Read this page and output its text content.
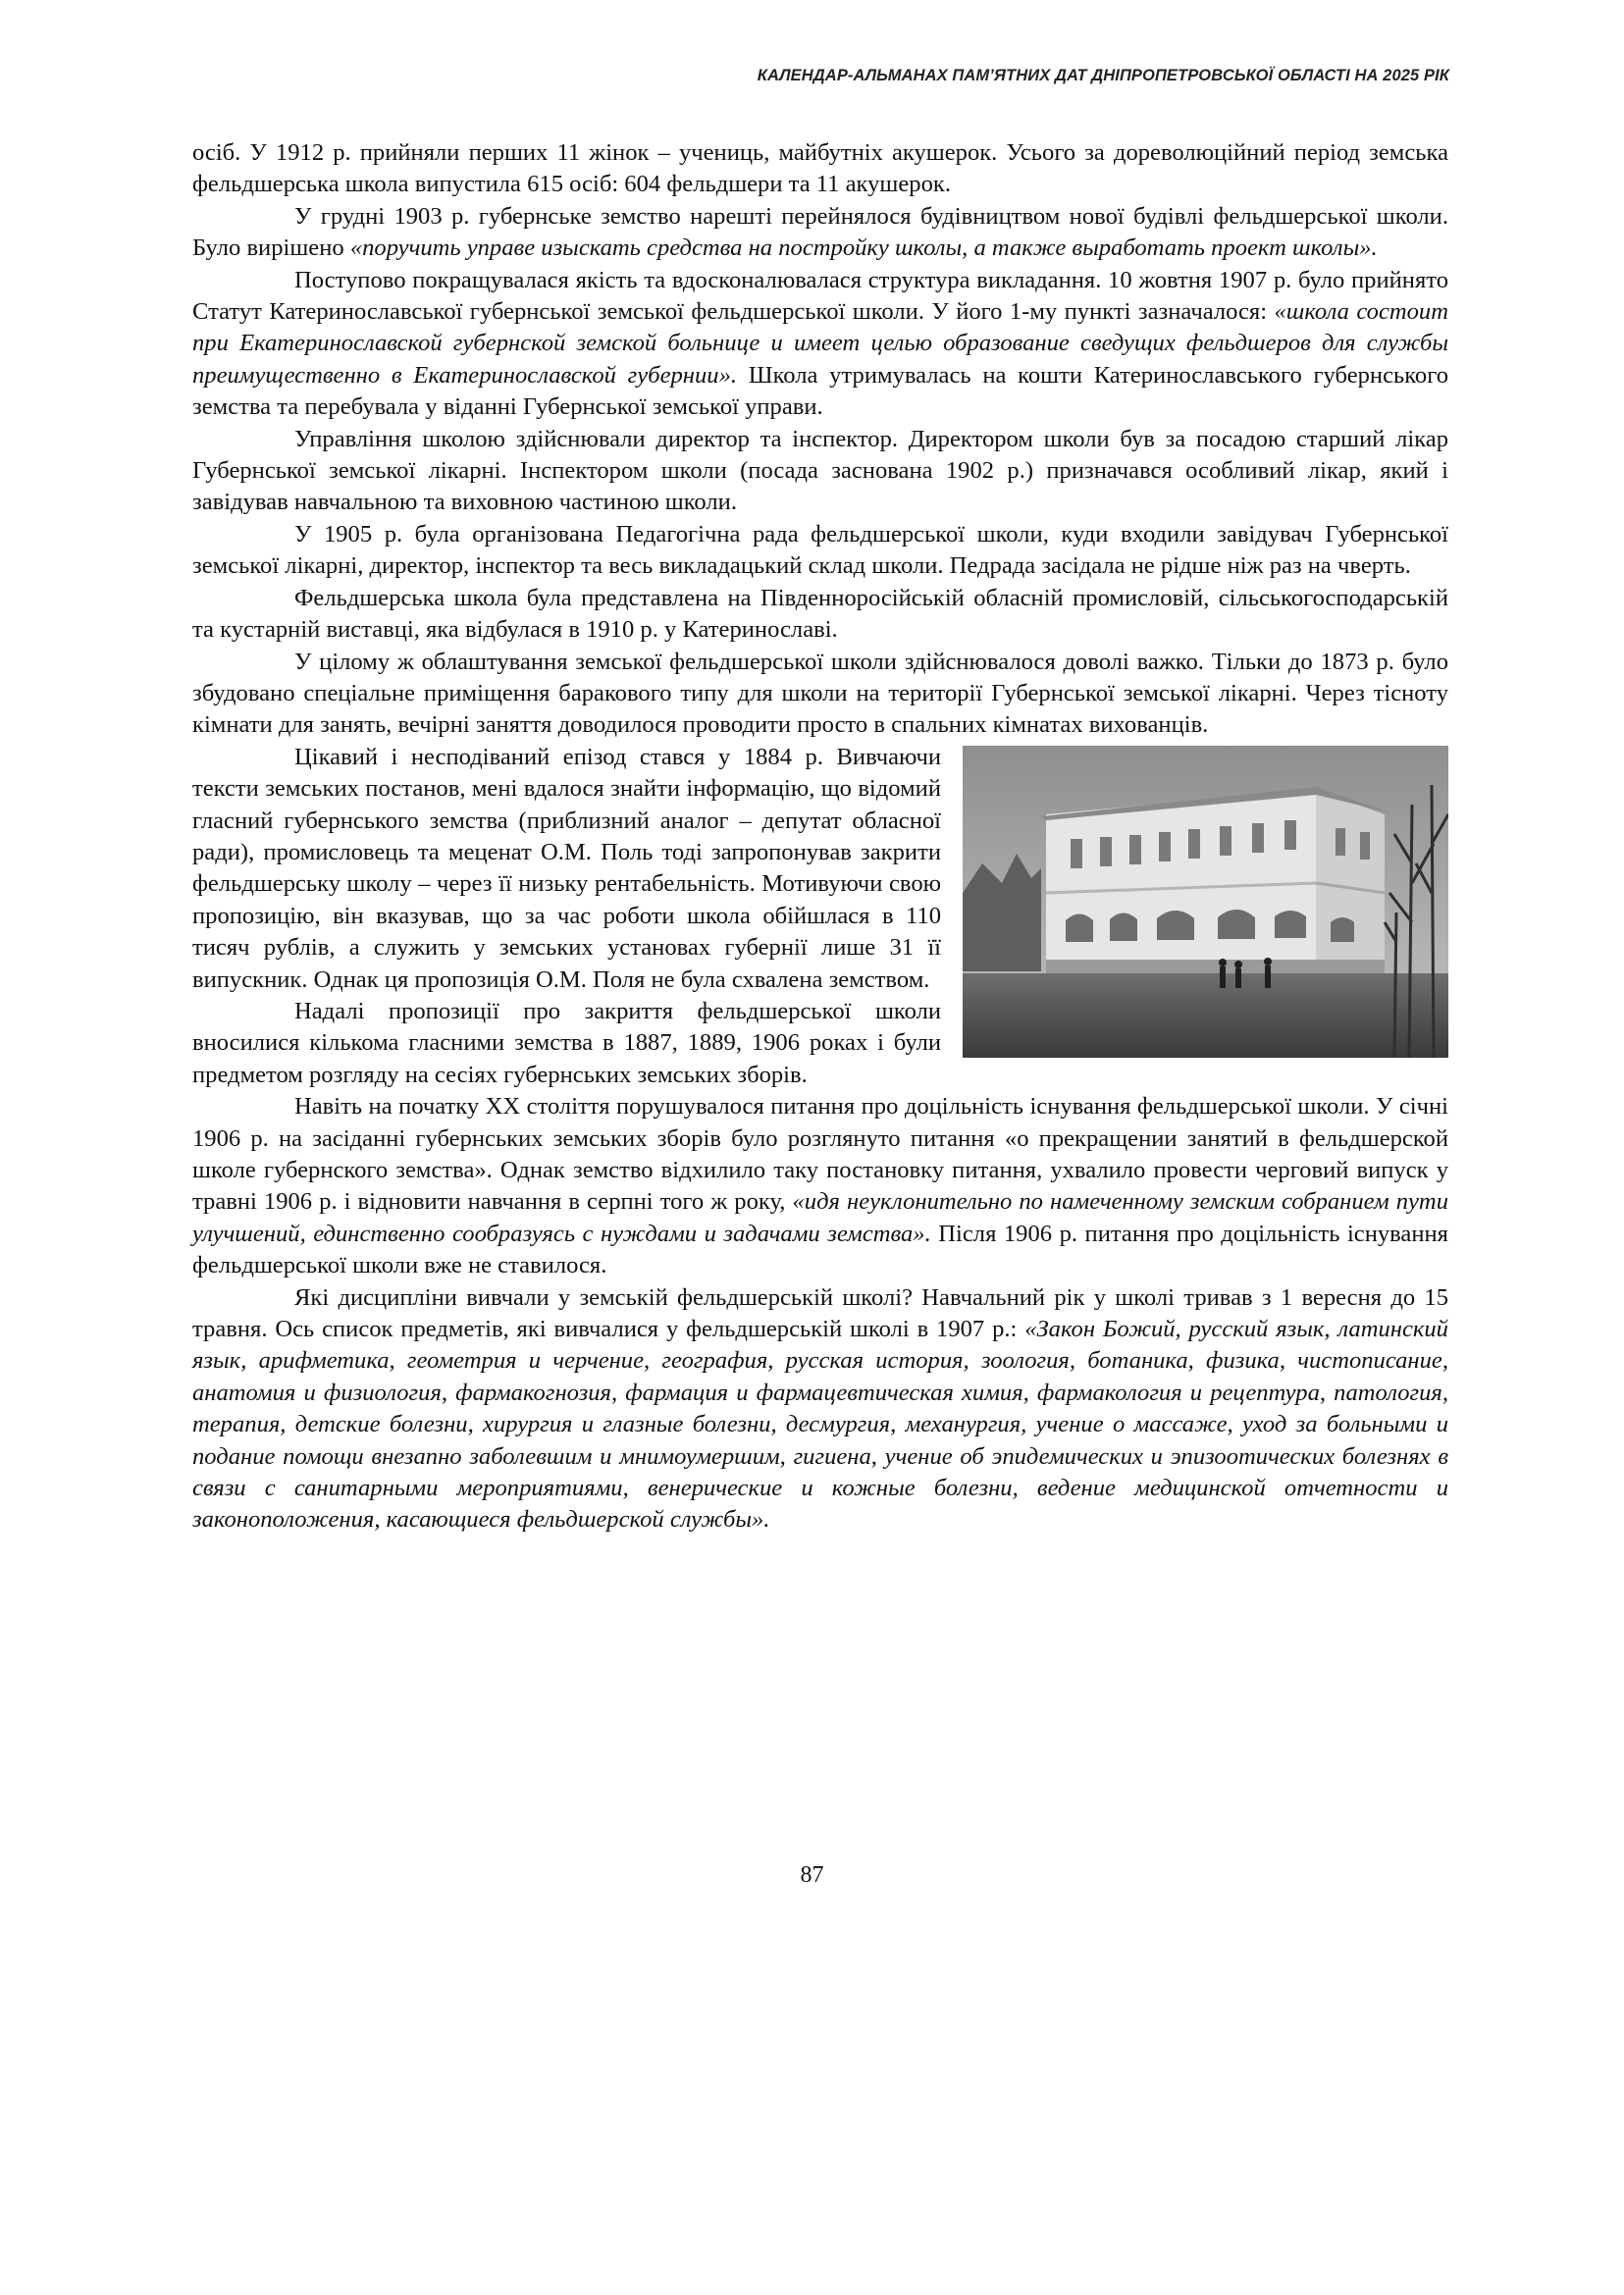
КАЛЕНДАР-АЛЬМАНАХ ПАМ’ЯТНИХ ДАТ ДНІПРОПЕТРОВСЬКОЇ ОБЛАСТІ НА 2025 РІК

осіб. У 1912 р. прийняли перших 11 жінок – учениць, майбутніх акушерок. Усього за дореволюційний період земська фельдшерська школа випустила 615 осіб: 604 фельдшери та 11 акушерок.

У грудні 1903 р. губернське земство нарешті перейнялося будівництвом нової будівлі фельдшерської школи. Було вирішено «поручить управе изыскать средства на постройку школы, а также выработать проект школы».

Поступово покращувалася якість та вдосконалювалася структура викладання. 10 жовтня 1907 р. було прийнято Статут Катеринославської губернської земської фельдшерської школи. У його 1-му пункті зазначалося: «школа состоит при Екатеринославской губернской земской больнице и имеет целью образование сведущих фельдшеров для службы преимущественно в Екатеринославской губернии». Школа утримувалась на кошти Катеринославського губернського земства та перебувала у віданні Губернської земської управи.

Управління школою здійснювали директор та інспектор. Директором школи був за посадою старший лікар Губернської земської лікарні. Інспектором школи (посада заснована 1902 р.) призначався особливий лікар, який і завідував навчальною та виховною частиною школи.

У 1905 р. була організована Педагогічна рада фельдшерської школи, куди входили завідувач Губернської земської лікарні, директор, інспектор та весь викладацький склад школи. Педрада засідала не рідше ніж раз на чверть.

Фельдшерська школа була представлена на Південноросійській обласній промисловій, сільськогосподарській та кустарній виставці, яка відбулася в 1910 р. у Катеринославі.

У цілому ж облаштування земської фельдшерської школи здійснювалося доволі важко. Тільки до 1873 р. було збудовано спеціальне приміщення баракового типу для школи на території Губернської земської лікарні. Через тісноту кімнати для занять, вечірні заняття доводилося проводити просто в спальних кімнатах вихованців.

Цікавий і несподіваний епізод стався у 1884 р. Вивчаючи тексти земських постанов, мені вдалося знайти інформацію, що відомий гласний губернського земства (приблизний аналог – депутат обласної ради), промисловець та меценат О.М. Поль тоді запропонував закрити фельдшерську школу – через її низьку рентабельність. Мотивуючи свою пропозицію, він вказував, що за час роботи школа обійшлася в 110 тисяч рублів, а служить у земських установах губернії лише 31 її випускник. Однак ця пропозиція О.М. Поля не була схвалена земством.

Надалі пропозиції про закриття фельдшерської школи вносилися кількома гласними земства в 1887, 1889, 1906 роках і були предметом розгляду на сесіях губернських земських зборів.

Навіть на початку ХХ століття порушувалося питання про доцільність існування фельдшерської школи. У січні 1906 р. на засіданні губернських земських зборів було розглянуто питання «о прекращении занятий в фельдшерской школе губернского земства». Однак земство відхилило таку постановку питання, ухвалило провести черговий випуск у травні 1906 р. і відновити навчання в серпні того ж року, «идя неуклонительно по намеченному земским собранием пути улучшений, единственно сообразуясь с нуждами и задачами земства». Після 1906 р. питання про доцільність існування фельдшерської школи вже не ставилося.

Які дисципліни вивчали у земській фельдшерській школі? Навчальний рік у школі тривав з 1 вересня до 15 травня. Ось список предметів, які вивчалися у фельдшерській школі в 1907 р.: «Закон Божий, русский язык, латинский язык, арифметика, геометрия и черчение, география, русская история, зоология, ботаника, физика, чистописание, анатомия и физиология, фармакогнозия, фармация и фармацевтическая химия, фармакология и рецептура, патология, терапия, детские болезни, хирургия и глазные болезни, десмургия, механургия, учение о массаже, уход за больными и подание помощи внезапно заболевшим и мнимоумершим, гигиена, учение об эпидемических и эпизоотических болезнях в связи с санитарными мероприятиями, венерические и кожные болезни, ведение медицинской отчетности и законоположения, касающиеся фельдшерской службы».

87
